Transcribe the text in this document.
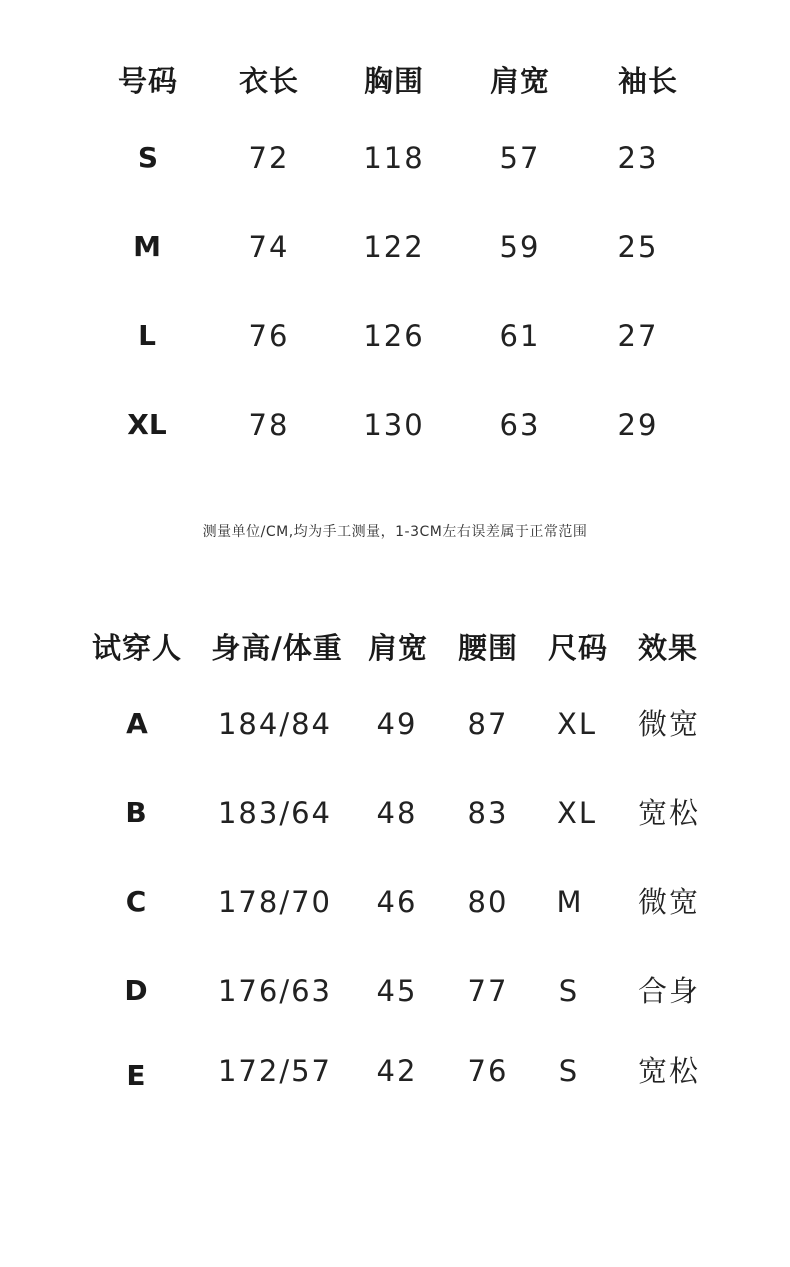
号码 衣长 胸围 肩宽 袖长
S	72	118	57	23
M	74	122	59	25
L	76	126	61	27
XL	78	130	63	29
测量单位/CM,均为手工测量，1-3CM左右误差属于正常范围
试穿人 身高/体重 肩宽 腰围 尺码 效果
A 184/84 49 87 XL 微宽
B 183/64 48 83 XL 宽松
C 178/70 46 80 M 微宽
D 176/63 45 77 S 合身
E 172/57 42 76 S 宽松
